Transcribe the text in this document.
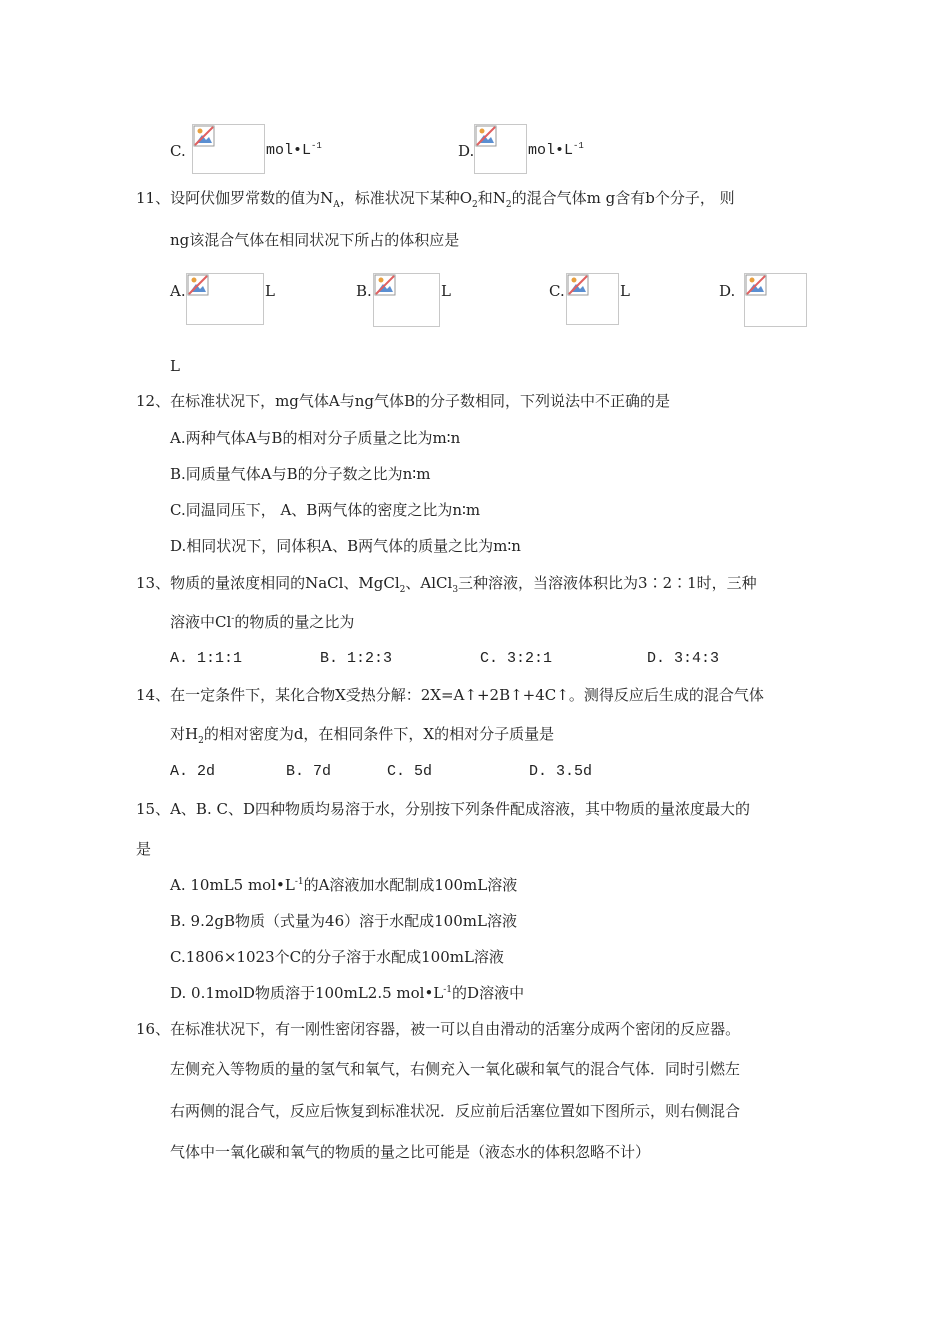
C.	$mol•L^{-1}$	D.	$mol•L^{-1}$
11、设阿伏伽罗常数的值为$N_A$，标准状况下某种$O_2$和$N_2$的混合气体m g含有b个分子， 则
ng该混合气体在相同状况下所占的体积应是
A.	L	B.	L	C.	L	D.
L
12、在标准状况下，mg气体A与ng气体B的分子数相同，下列说法中不正确的是
A.两种气体A与B的相对分子质量之比为m∶n
B.同质量气体A与B的分子数之比为n∶m
C.同温同压下， A、B两气体的密度之比为n∶m
D.相同状况下，同体积A、B两气体的质量之比为m∶n
13、物质的量浓度相同的NaCl、MgCl$_2$、AlCl$_3$三种溶液，当溶液体积比为3∶2∶1时，三种
溶液中Cl-的物质的量之比为
A. 1:1:1	B. 1:2:3	C. 3:2:1	D. 3:4:3
14、在一定条件下，某化合物X受热分解：2X=A↑+2B↑+4C↑。测得反应后生成的混合气体
对$H_2$的相对密度为d，在相同条件下，X的相对分子质量是
A. 2d	B. 7d	C. 5d	D. 3.5d
15、A、B. C、D四种物质均易溶于水，分别按下列条件配成溶液，其中物质的量浓度最大的
是
A. 10mL5 $mol•L^{-1}$的A溶液加水配制成100mL溶液
B. 9.2gB物质（式量为46）溶于水配成100mL溶液
C.1806×1023个C的分子溶于水配成100mL溶液
D. 0.1molD物质溶于100mL2.5 $mol•L^{-1}$的D溶液中
16、在标准状况下，有一刚性密闭容器，被一可以自由滑动的活塞分成两个密闭的反应器。
左侧充入等物质的量的氢气和氧气，右侧充入一氧化碳和氧气的混合气体．同时引燃左
右两侧的混合气，反应后恢复到标准状况．反应前后活塞位置如下图所示，则右侧混合
气体中一氧化碳和氧气的物质的量之比可能是（液态水的体积忽略不计）
